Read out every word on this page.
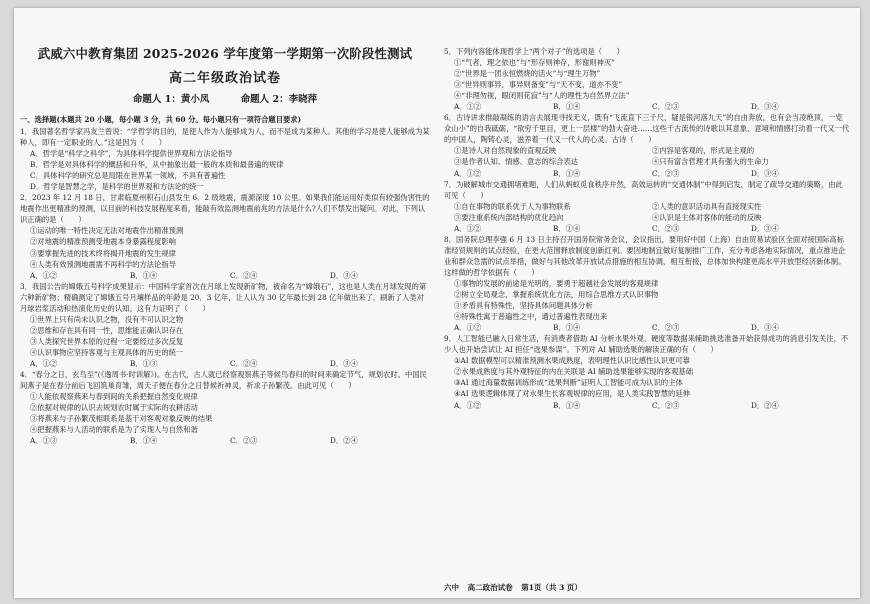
武威六中教育集团 2025-2026 学年度第一学期第一次阶段性测试
高二年级政治试卷
命题人 1：黄小凤	命题人 2：李晓萍
一、选择题(本题共 20 小题，每小题 3 分，共 60 分。每小题只有一项符合题目要求)
1．我国著名哲学家冯友兰曾说：“学哲学的目的，是使人作为人能够成为人，而不是成为某种人。其他的学习是使人能够成为某种人，即有一定职业的人。”这是因为（　　）
A．哲学是“科学之科学”，为具体科学提供世界观和方法论指导
B．哲学是对具体科学的概括和升华，从中抽象出最一般的本质和最普遍的规律
C．具体科学的研究总是局限在世界某一领域，不具有普遍性
D．哲学是智慧之学，是科学的世界观和方法论的统一
2．2023 年 12 月 18 日，甘肃临夏州积石山县发生 6．2 级地震，震源深度 10 公里。如果我们能运用好类似有较强伪害性的地震作出更精准的预测，以目前的科技发展程度来看，能敲有效监测地震前兆的方法是什么?人们不禁发出疑问。对此，下列认识正确的是（　　）
①运动的唯一特性决定无法对地震作出精准预测
②对地震的精准预测受地震本身暴露程度影响
③要掌握先进的技术终将揭开地震的发生规律
④人类有效预测地震需不再科学的方法论指导
A．①②	B．①④	C．②④	D．③④
3．我国公告的嫦娥五号科学成果显示：中国科学家首次在月球上发现新矿物，被命名为“嫦娥石”，这也是人类在月球发现的第六种新矿物；精确测定了嫦娥五号月壤样品的年龄是 20．3 亿年，让人认为 30 亿年最长到 28 亿年做出来了，刷新了人类对月球岩浆活动和热演化历史的认知。这有力证明了（　　）
①世界上只有尚未认识之物，没有不可认识之物
②思维和存在具有同一性，思维能正确认识存在
③人类探究世界本原的过程一定要经过多次反复
④认识事物应坚持客观与主观具体的历史的统一
A．①②	B．①③	C．②④	D．③④
4．“春分之日，玄鸟至”(《逸周书·时训解》)。在古代，古人就已经察观察燕子等候鸟春归的时间来确定节气，规划农时。中国民间燕子是在春分前后飞回筑巢育雏，周天子便在春分之日替候祈神灵，祈求子孙繁茂。由此可见（　　）
①人能依观察燕来与春到间的关系把握自然变化规律
②依据对规律的认识去规划农时属于实际的农耕活动
③将燕来与子孙繁茂相联系是基于对客观对象反映的结果
④把握燕来与人活动的联系是为了实现人与自然和谐
A．①③	B．①④	C．②③	D．②④
5．下列内容能体现哲学上“两个对子”的选项是（　　）
①“气者，理之依也”与“形存则神存，形谢则神灭”
②“世界是一团永恒燃烧的活火”与“理生万物”
③“世异则事异，事异则备变”与“天不变，道亦不变”
④“非理勿视，眼闭则花寂”与“人的理性为自然界立法”
A．①②	B．①④	C．②③	D．③④
6．古诗讲求推敲凝练的语言去展现寻找无义，既有“飞流直下三千尺，疑是银河落九天”的自由奔放，也有会当凌绝顶，一览众山小”的自我砥砺，“欲穷千里目，更上一层楼”的勃大奋进……这些千古流传的诗歌以其意象、意境和情感打动着一代又一代的中国人，陶铸心灵，滋养着一代又一代人的心灵。古诗（　　）
①是诗人对自然现象的直观反映	②内容是客观的，形式是主观的
③是作者认知、情感、意志的综合表达	④只有富含哲理才具有强大的生命力
A．①②	B．①④	C．②③	D．③④
7．为破解城市交通拥堵难题，人们从蚂蚁觅食秩序井然，高效运转的“交通体制”中得到启发，制定了疏导交通的策略，由此可见（　　）
①自在事物的联系优于人为事物联系	②人类的意识活动具有直接现实性
③要注重系统内部结构的优化趋向	④认识是主体对客体的能动的反映
A．①②	B．①④	C．②③	D．③④
8．国务院总理李强 6 月 13 日主持召开国务院常务会议，会议指出，要用好中国（上海）自由贸易试验区全面对接国际高标准经贸规则的试点经验，在更大范围释放制度创新红利。要因地制宜做好复制推广工作，充分考虑各地实际情况，重点推进企业和群众急需的试点举措，做好与其他改革开放试点措施的相互协调，相互衔接，总体加快构建更高水平开放型经济新体制。这样做的哲学依据有（　　）
①事物的发展的前途是光明的，要勇于超越社会发展的客观规律
②树立全局观念，掌握系统优化方法，用综合思维方式认识事物
③矛盾具有特殊性，坚持具体问题具体分析
④特殊性寓于普遍性之中，通过普遍性表现出来
A．①②	B．①④	C．②③	D．③④
9．人工智能已融入日常生活，有消费者借助 AI 分析水果外观、硬度等数据来辅助挑选准备开始获得成功的消息引发关注，不少人也开始尝试让 AI 担任“选果参谋”。下列对 AI 辅助选果的解读正确的有（　　）
①AI 数据模型可以精准预测水果成熟度，表明理性认识比感性认识更可靠
②水果成熟度与其外观特征的内在关联是 AI 辅助选果能够实现的客观基础
③AI 通过海量数据训练形成“选果判断”证明人工智能可成为认识的主体
④AI 选果逻辑体现了对水果生长客观规律的应用，是人类实践智慧的延伸
A．①②	B．①④	C．②③	D．②④
六中 高二政治试卷 第1页（共 3 页）
